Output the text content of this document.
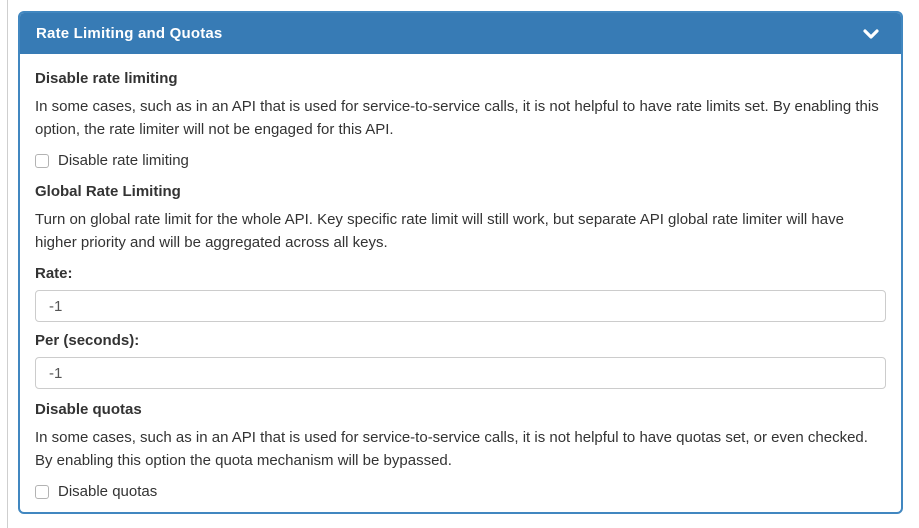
Rate Limiting and Quotas
Disable rate limiting

In some cases, such as in an API that is used for service-to-service calls, it is not helpful to have rate limits set. By enabling this option, the rate limiter will not be engaged for this API.

Disable rate limiting
Global Rate Limiting

Turn on global rate limit for the whole API. Key specific rate limit will still work, but separate API global rate limiter will have higher priority and will be aggregated across all keys.

Rate:
-1
Per (seconds):
-1
Disable quotas

In some cases, such as in an API that is used for service-to-service calls, it is not helpful to have quotas set, or even checked. By enabling this option the quota mechanism will be bypassed.

Disable quotas
